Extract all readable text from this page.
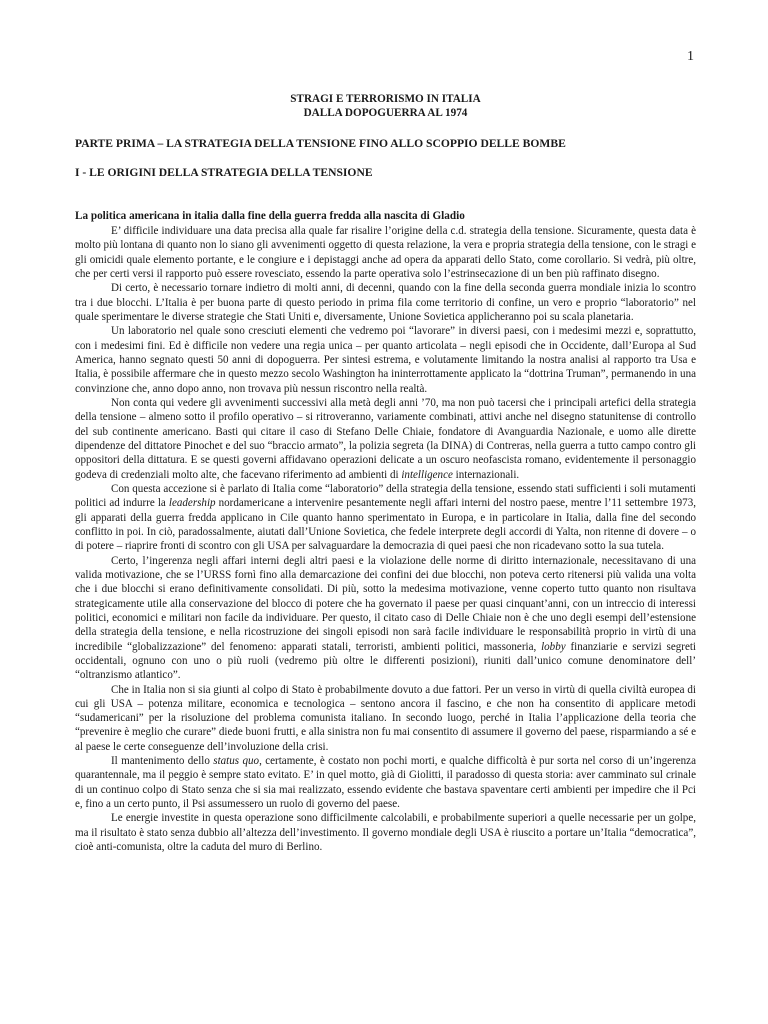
1
STRAGI E TERRORISMO IN ITALIA
DALLA DOPOGUERRA AL 1974
PARTE PRIMA – LA STRATEGIA DELLA TENSIONE FINO ALLO SCOPPIO DELLE BOMBE
I - LE ORIGINI DELLA STRATEGIA DELLA TENSIONE
La politica americana in italia dalla fine della guerra fredda alla nascita di Gladio

E’ difficile individuare una data precisa alla quale far risalire l’origine della c.d. strategia della tensione. Sicuramente, questa data è molto più lontana di quanto non lo siano gli avvenimenti oggetto di questa relazione, la vera e propria strategia della tensione, con le stragi e gli omicidi quale elemento portante, e le congiure e i depistaggi anche ad opera da apparati dello Stato, come corollario. Si vedrà, più oltre, che per certi versi il rapporto può essere rovesciato, essendo la parte operativa solo l’estrinsecazione di un ben più raffinato disegno.

Di certo, è necessario tornare indietro di molti anni, di decenni, quando con la fine della seconda guerra mondiale inizia lo scontro tra i due blocchi. L’Italia è per buona parte di questo periodo in prima fila come territorio di confine, un vero e proprio “laboratorio” nel quale sperimentare le diverse strategie che Stati Uniti e, diversamente, Unione Sovietica applicheranno poi su scala planetaria.

Un laboratorio nel quale sono cresciuti elementi che vedremo poi “lavorare” in diversi paesi, con i medesimi mezzi e, soprattutto, con i medesimi fini. Ed è difficile non vedere una regia unica – per quanto articolata – negli episodi che in Occidente, dall’Europa al Sud America, hanno segnato questi 50 anni di dopoguerra. Per sintesi estrema, e volutamente limitando la nostra analisi al rapporto tra Usa e Italia, è possibile affermare che in questo mezzo secolo Washington ha ininterrottamente applicato la “dottrina Truman”, permanendo in una convinzione che, anno dopo anno, non trovava più nessun riscontro nella realtà.

Non conta qui vedere gli avvenimenti successivi alla metà degli anni ’70, ma non può tacersi che i principali artefici della strategia della tensione – almeno sotto il profilo operativo – si ritroveranno, variamente combinati, attivi anche nel disegno statunitense di controllo del sub continente americano. Basti qui citare il caso di Stefano Delle Chiaie, fondatore di Avanguardia Nazionale, e uomo alle dirette dipendenze del dittatore Pinochet e del suo “braccio armato”, la polizia segreta (la DINA) di Contreras, nella guerra a tutto campo contro gli oppositori della dittatura. E se questi governi affidavano operazioni delicate a un oscuro neofascista romano, evidentemente il personaggio godeva di credenziali molto alte, che facevano riferimento ad ambienti di intelligence internazionali.

Con questa accezione si è parlato di Italia come “laboratorio” della strategia della tensione, essendo stati sufficienti i soli mutamenti politici ad indurre la leadership nordamericane a intervenire pesantemente negli affari interni del nostro paese, mentre l’11 settembre 1973, gli apparati della guerra fredda applicano in Cile quanto hanno sperimentato in Europa, e in particolare in Italia, dalla fine del secondo conflitto in poi. In ciò, paradossalmente, aiutati dall’Unione Sovietica, che fedele interprete degli accordi di Yalta, non ritenne di dovere – o di potere – riaprire fronti di scontro con gli USA per salvaguardare la democrazia di quei paesi che non ricadevano sotto la sua tutela.

Certo, l’ingerenza negli affari interni degli altri paesi e la violazione delle norme di diritto internazionale, necessitavano di una valida motivazione, che se l’URSS fornì fino alla demarcazione dei confini dei due blocchi, non poteva certo ritenersi più valida una volta che i due blocchi si erano definitivamente consolidati. Di più, sotto la medesima motivazione, venne coperto tutto quanto non risultava strategicamente utile alla conservazione del blocco di potere che ha governato il paese per quasi cinquant’anni, con un intreccio di interessi politici, economici e militari non facile da individuare. Per questo, il citato caso di Delle Chiaie non è che uno degli esempi dell’estensione della strategia della tensione, e nella ricostruzione dei singoli episodi non sarà facile individuare le responsabilità proprio in virtù di una incredibile “globalizzazione” del fenomeno: apparati statali, terroristi, ambienti politici, massoneria, lobby finanziarie e servizi segreti occidentali, ognuno con uno o più ruoli (vedremo più oltre le differenti posizioni), riuniti dall’unico comune denominatore dell’ “oltranzismo atlantico”.

Che in Italia non si sia giunti al colpo di Stato è probabilmente dovuto a due fattori. Per un verso in virtù di quella civiltà europea di cui gli USA – potenza militare, economica e tecnologica – sentono ancora il fascino, e che non ha consentito di applicare metodi “sudamericani” per la risoluzione del problema comunista italiano. In secondo luogo, perché in Italia l’applicazione della teoria che “prevenire è meglio che curare” diede buoni frutti, e alla sinistra non fu mai consentito di assumere il governo del paese, risparmiando a sé e al paese le certe conseguenze dell’involuzione della crisi.

Il mantenimento dello status quo, certamente, è costato non pochi morti, e qualche difficoltà è pur sorta nel corso di un’ingerenza quarantennale, ma il peggio è sempre stato evitato. E’ in quel motto, già di Giolitti, il paradosso di questa storia: aver camminato sul crinale di un continuo colpo di Stato senza che si sia mai realizzato, essendo evidente che bastava spaventare certi ambienti per impedire che il Pci e, fino a un certo punto, il Psi assumessero un ruolo di governo del paese.

Le energie investite in questa operazione sono difficilmente calcolabili, e probabilmente superiori a quelle necessarie per un golpe, ma il risultato è stato senza dubbio all’altezza dell’investimento. Il governo mondiale degli USA è riuscito a portare un’Italia “democratica”, cioè anti-comunista, oltre la caduta del muro di Berlino.
